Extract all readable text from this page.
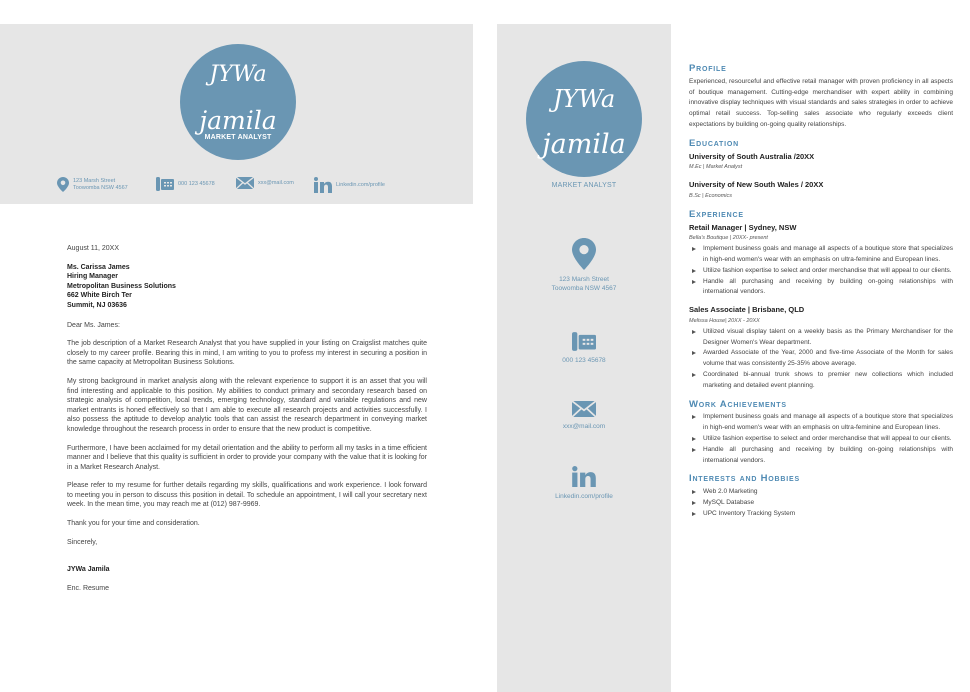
JYWa
jamila
MARKET ANALYST
123 Marsh Street
Toowomba NSW 4567
000 123 45678	xxx@mail.com	Linkedin.com/profile

August 11, 20XX

Ms. Carissa James
Hiring Manager
Metropolitan Business Solutions
662 White Birch Ter
Summit, NJ 03636

Dear Ms. James:

The job description of a Market Research Analyst that you have supplied in your listing on Craigslist matches quite closely to my career profile. Bearing this in mind, I am writing to you to profess my interest in securing a position in the same capacity at Metropolitan Business Solutions.

My strong background in market analysis along with the relevant experience to support it is an asset that you will find interesting and applicable to this position. My abilities to conduct primary and secondary research based on strategic analysis of competition, local trends, emerging technology, standard and variable regulations and new market entrants is honed effectively so that I am able to execute all research projects and activities successfully. I also possess the aptitude to develop analytic tools that can assist the research department in conveying market knowledge throughout the research process in order to ensure that the new product is competitive.

Furthermore, I have been acclaimed for my detail orientation and the ability to perform all my tasks in a time efficient manner and I believe that this quality is sufficient in order to provide your company with the value that it is looking for in a Market Research Analyst.

Please refer to my resume for further details regarding my skills, qualifications and work experience. I look forward to meeting you in person to discuss this position in detail. To schedule an appointment, I will call your secretary next week. In the mean time, you may reach me at (012) 987-9969.

Thank you for your time and consideration.

Sincerely,

JYWa Jamila

Enc. Resume

JYWa
jamila
MARKET ANALYST
123 Marsh Street
Toowomba NSW 4567
000 123 45678
xxx@mail.com
Linkedin.com/profile
Profile
Experienced, resourceful and effective retail manager with proven proficiency in all aspects of boutique management. Cutting-edge merchandiser with expert ability in combining innovative display techniques with visual standards and sales strategies in order to achieve optimal retail success. Top-selling sales associate who regularly exceeds client expectations by building on-going quality relationships.
Education
University of South Australia /20XX
M.Ec | Market Analyst
University of New South Wales / 20XX
B.Sc | Economics
Experience
Retail Manager | Sydney, NSW
Bella's Boutique | 20XX- present
Implement business goals and manage all aspects of a boutique store that specializes in high-end women's wear with an emphasis on ultra-feminine and European lines.
Utilize fashion expertise to select and order merchandise that will appeal to our clients.
Handle all purchasing and receiving by building on-going relationships with international vendors.
Sales Associate | Brisbane, QLD
Melissa House| 20XX - 20XX
Utilized visual display talent on a weekly basis as the Primary Merchandiser for the Designer Women's Wear department.
Awarded Associate of the Year, 2000 and five-time Associate of the Month for sales volume that was consistently 25-35% above average.
Coordinated bi-annual trunk shows to premier new collections which included marketing and detailed event planning.
Work Achievements
Implement business goals and manage all aspects of a boutique store that specializes in high-end women's wear with an emphasis on ultra-feminine and European lines.
Utilize fashion expertise to select and order merchandise that will appeal to our clients.
Handle all purchasing and receiving by building on-going relationships with international vendors.
Interests and Hobbies
Web 2.0 Marketing
MySQL Database
UPC Inventory Tracking System
